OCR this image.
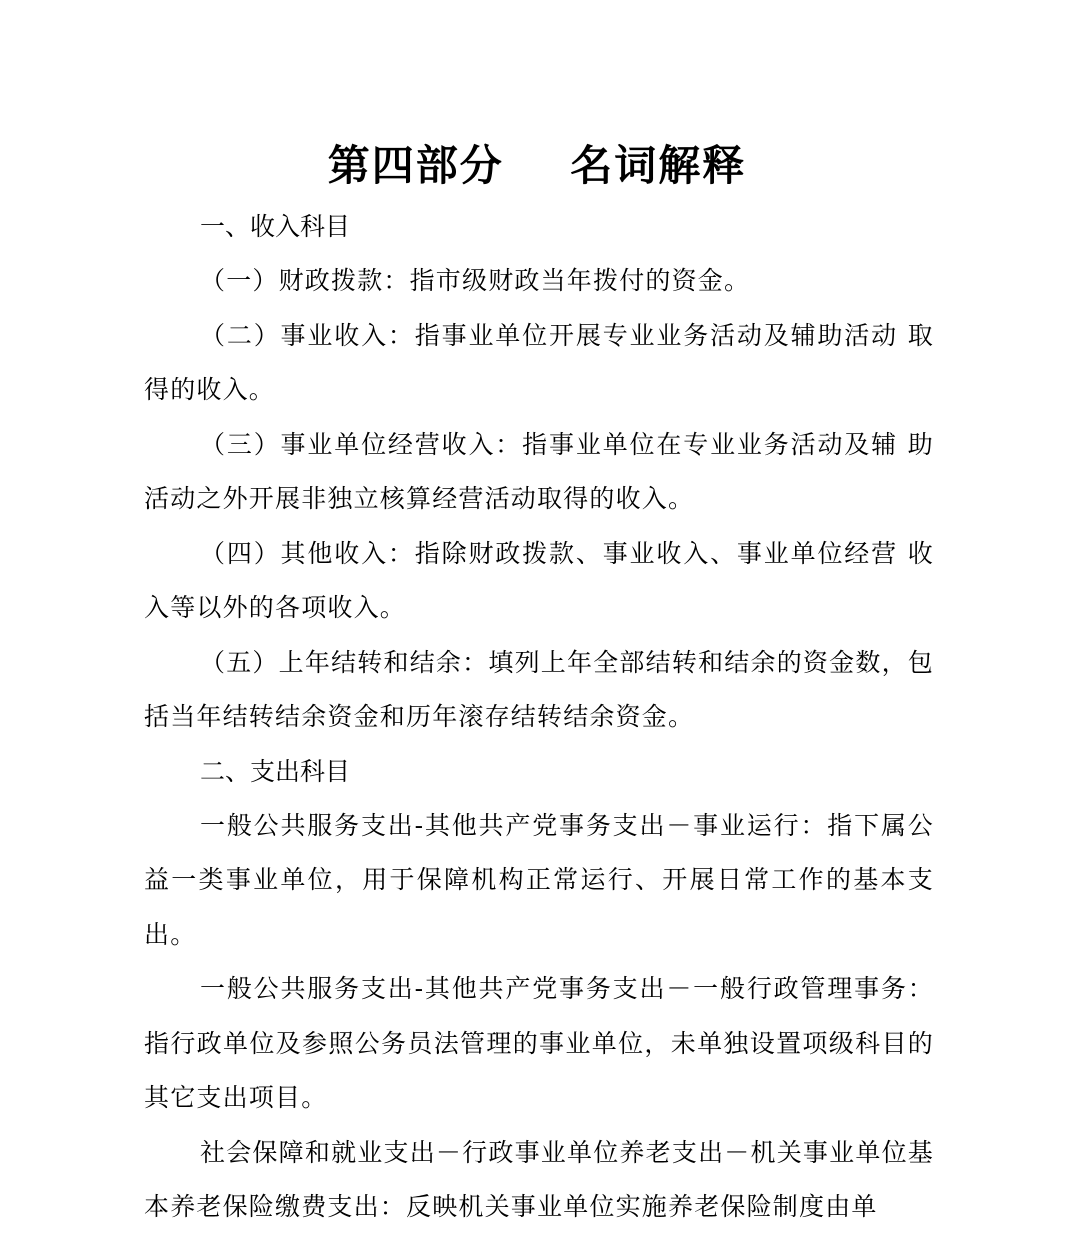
第四部分    名词解释

一、收入科目

（一）财政拨款：指市级财政当年拨付的资金。

（二）事业收入：指事业单位开展专业业务活动及辅助活动 取得的收入。

（三）事业单位经营收入：指事业单位在专业业务活动及辅 助活动之外开展非独立核算经营活动取得的收入。

（四）其他收入：指除财政拨款、事业收入、事业单位经营 收入等以外的各项收入。

（五）上年结转和结余：填列上年全部结转和结余的资金数，包括当年结转结余资金和历年滚存结转结余资金。

二、支出科目

一般公共服务支出-其他共产党事务支出－事业运行：指下属公益一类事业单位，用于保障机构正常运行、开展日常工作的基本支出。

一般公共服务支出-其他共产党事务支出－一般行政管理事务：指行政单位及参照公务员法管理的事业单位，未单独设置项级科目的其它支出项目。

社会保障和就业支出－行政事业单位养老支出－机关事业单位基本养老保险缴费支出：反映机关事业单位实施养老保险制度由单
